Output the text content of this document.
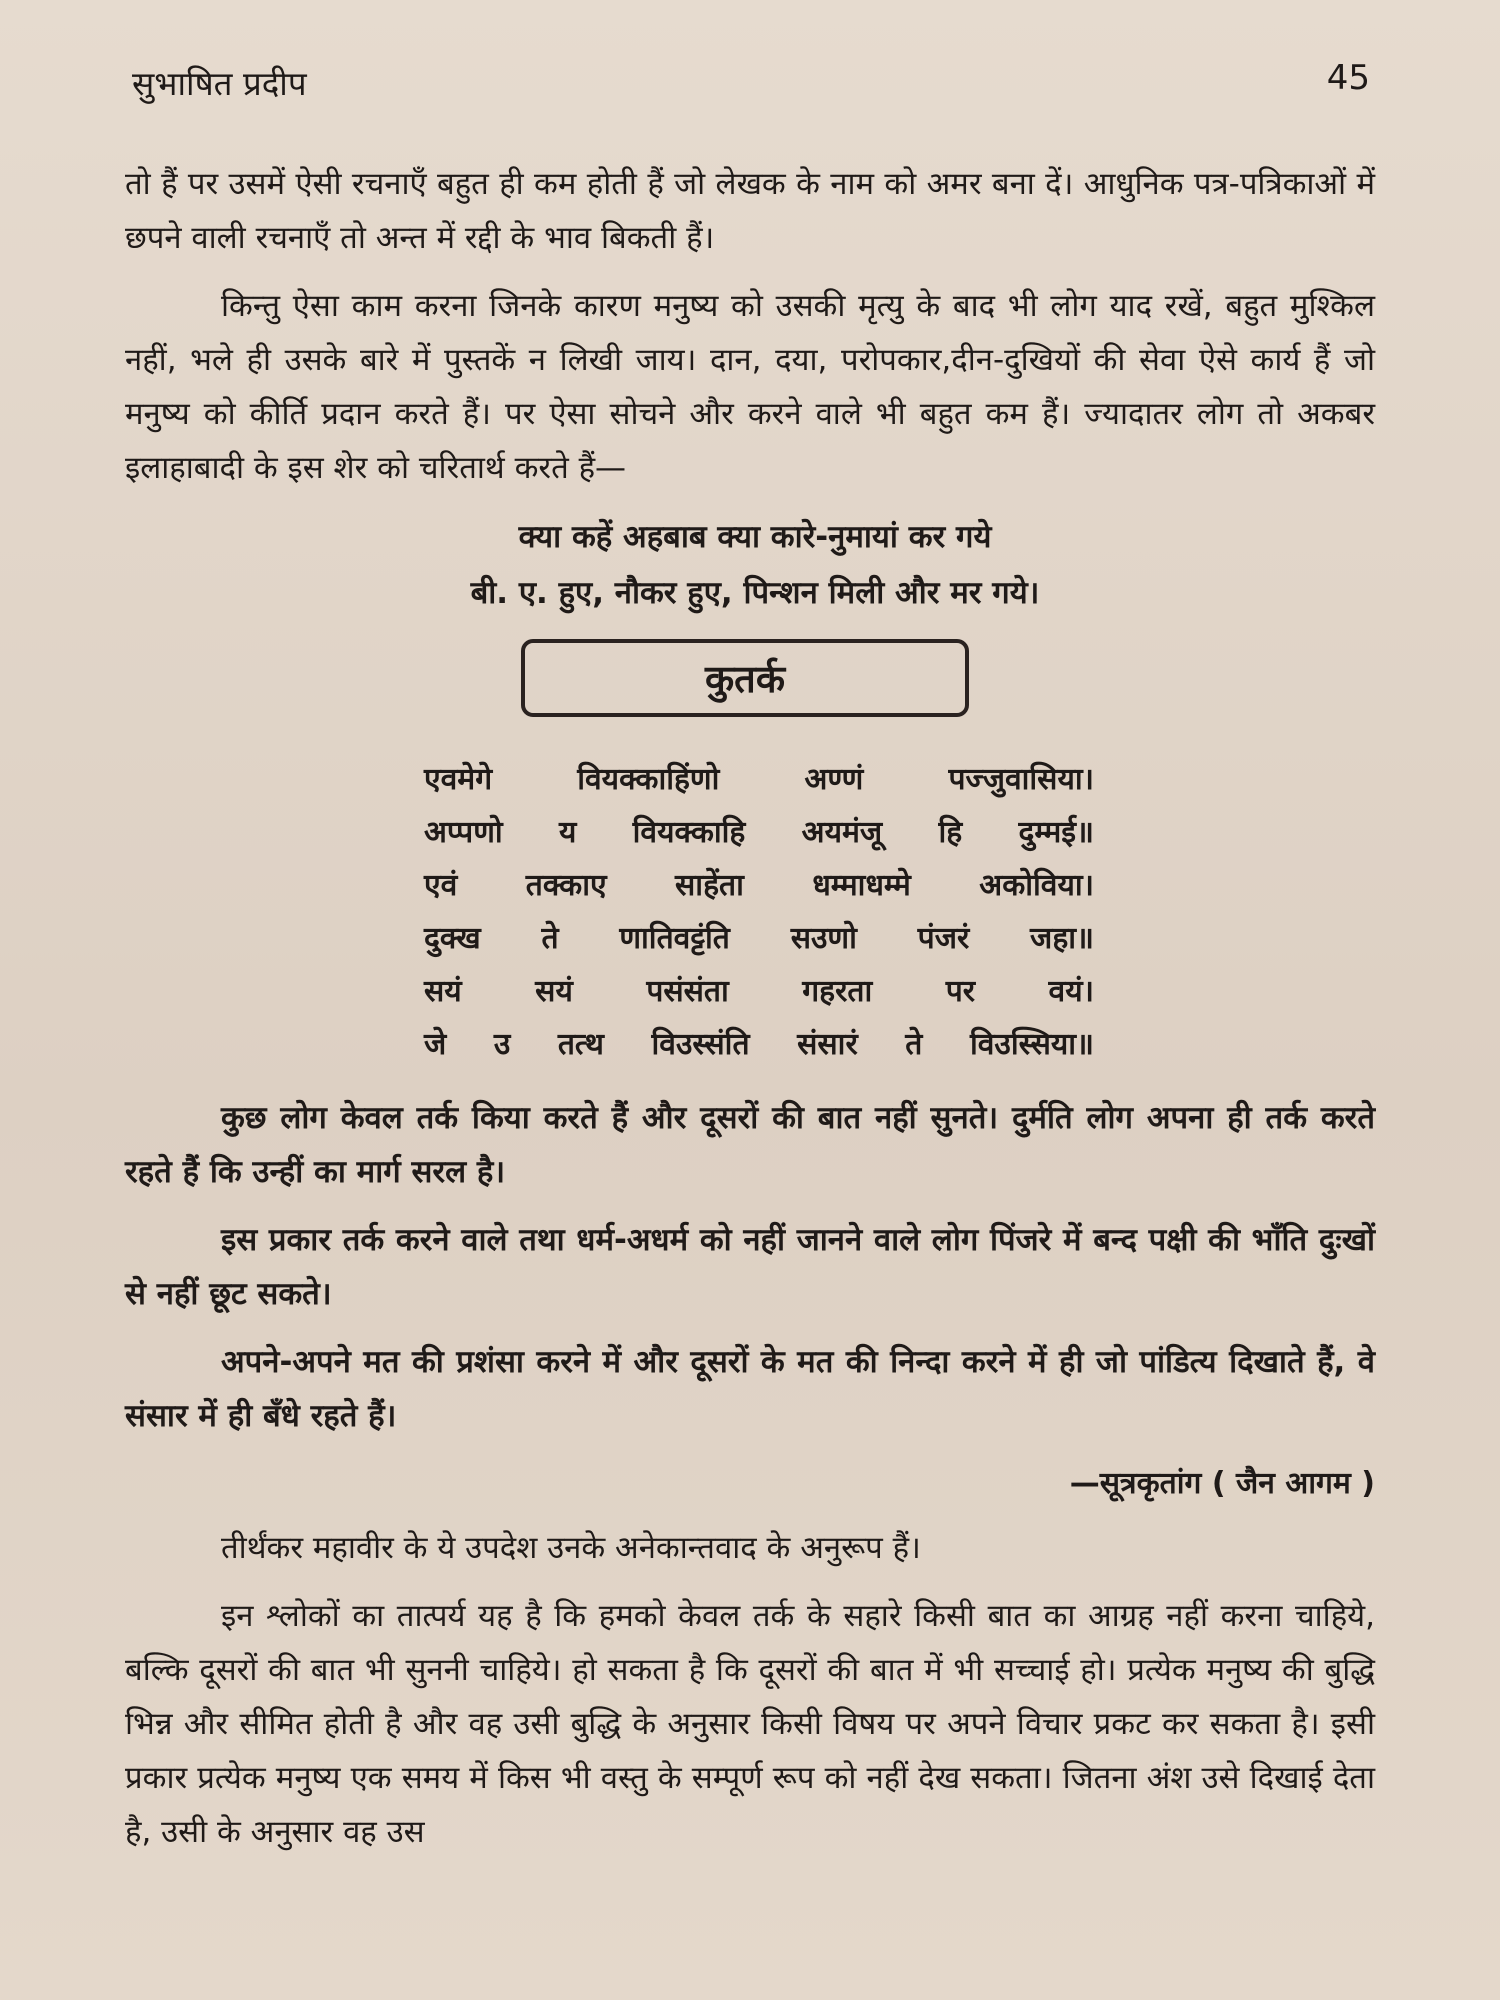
सुभाषित प्रदीप	45

तो हैं पर उसमें ऐसी रचनाएँ बहुत ही कम होती हैं जो लेखक के नाम को अमर बना दें। आधुनिक पत्र-पत्रिकाओं में छपने वाली रचनाएँ तो अन्त में रद्दी के भाव बिकती हैं।

किन्तु ऐसा काम करना जिनके कारण मनुष्य को उसकी मृत्यु के बाद भी लोग याद रखें, बहुत मुश्किल नहीं, भले ही उसके बारे में पुस्तकें न लिखी जाय। दान, दया, परोपकार,दीन-दुखियों की सेवा ऐसे कार्य हैं जो मनुष्य को कीर्ति प्रदान करते हैं। पर ऐसा सोचने और करने वाले भी बहुत कम हैं। ज्यादातर लोग तो अकबर इलाहाबादी के इस शेर को चरितार्थ करते हैं—

क्या कहें अहबाब क्या कारे-नुमायां कर गये
बी. ए. हुए, नौकर हुए, पिन्शन मिली और मर गये।
कुतर्क
एवमेगे वियक्काहिंणो अण्णं पज्जुवासिया।
अप्पणो य वियक्काहि अयमंजू हि दुम्मई॥
एवं तक्काए साहेंता धम्माधम्मे अकोविया।
दुक्ख ते णातिवट्टंति सउणो पंजरं जहा॥
सयं सयं पसंसंता गहरता पर वयं।
जे उ तत्थ विउस्संति संसारं ते विउस्सिया॥

कुछ लोग केवल तर्क किया करते हैं और दूसरों की बात नहीं सुनते। दुर्मति लोग अपना ही तर्क करते रहते हैं कि उन्हीं का मार्ग सरल है।

इस प्रकार तर्क करने वाले तथा धर्म-अधर्म को नहीं जानने वाले लोग पिंजरे में बन्द पक्षी की भाँति दुःखों से नहीं छूट सकते।

अपने-अपने मत की प्रशंसा करने में और दूसरों के मत की निन्दा करने में ही जो पांडित्य दिखाते हैं, वे संसार में ही बँधे रहते हैं।

—सूत्रकृतांग ( जैन आगम )

तीर्थंकर महावीर के ये उपदेश उनके अनेकान्तवाद के अनुरूप हैं।

इन श्लोकों का तात्पर्य यह है कि हमको केवल तर्क के सहारे किसी बात का आग्रह नहीं करना चाहिये, बल्कि दूसरों की बात भी सुननी चाहिये। हो सकता है कि दूसरों की बात में भी सच्चाई हो। प्रत्येक मनुष्य की बुद्धि भिन्न और सीमित होती है और वह उसी बुद्धि के अनुसार किसी विषय पर अपने विचार प्रकट कर सकता है। इसी प्रकार प्रत्येक मनुष्य एक समय में किस भी वस्तु के सम्पूर्ण रूप को नहीं देख सकता। जितना अंश उसे दिखाई देता है, उसी के अनुसार वह उस
